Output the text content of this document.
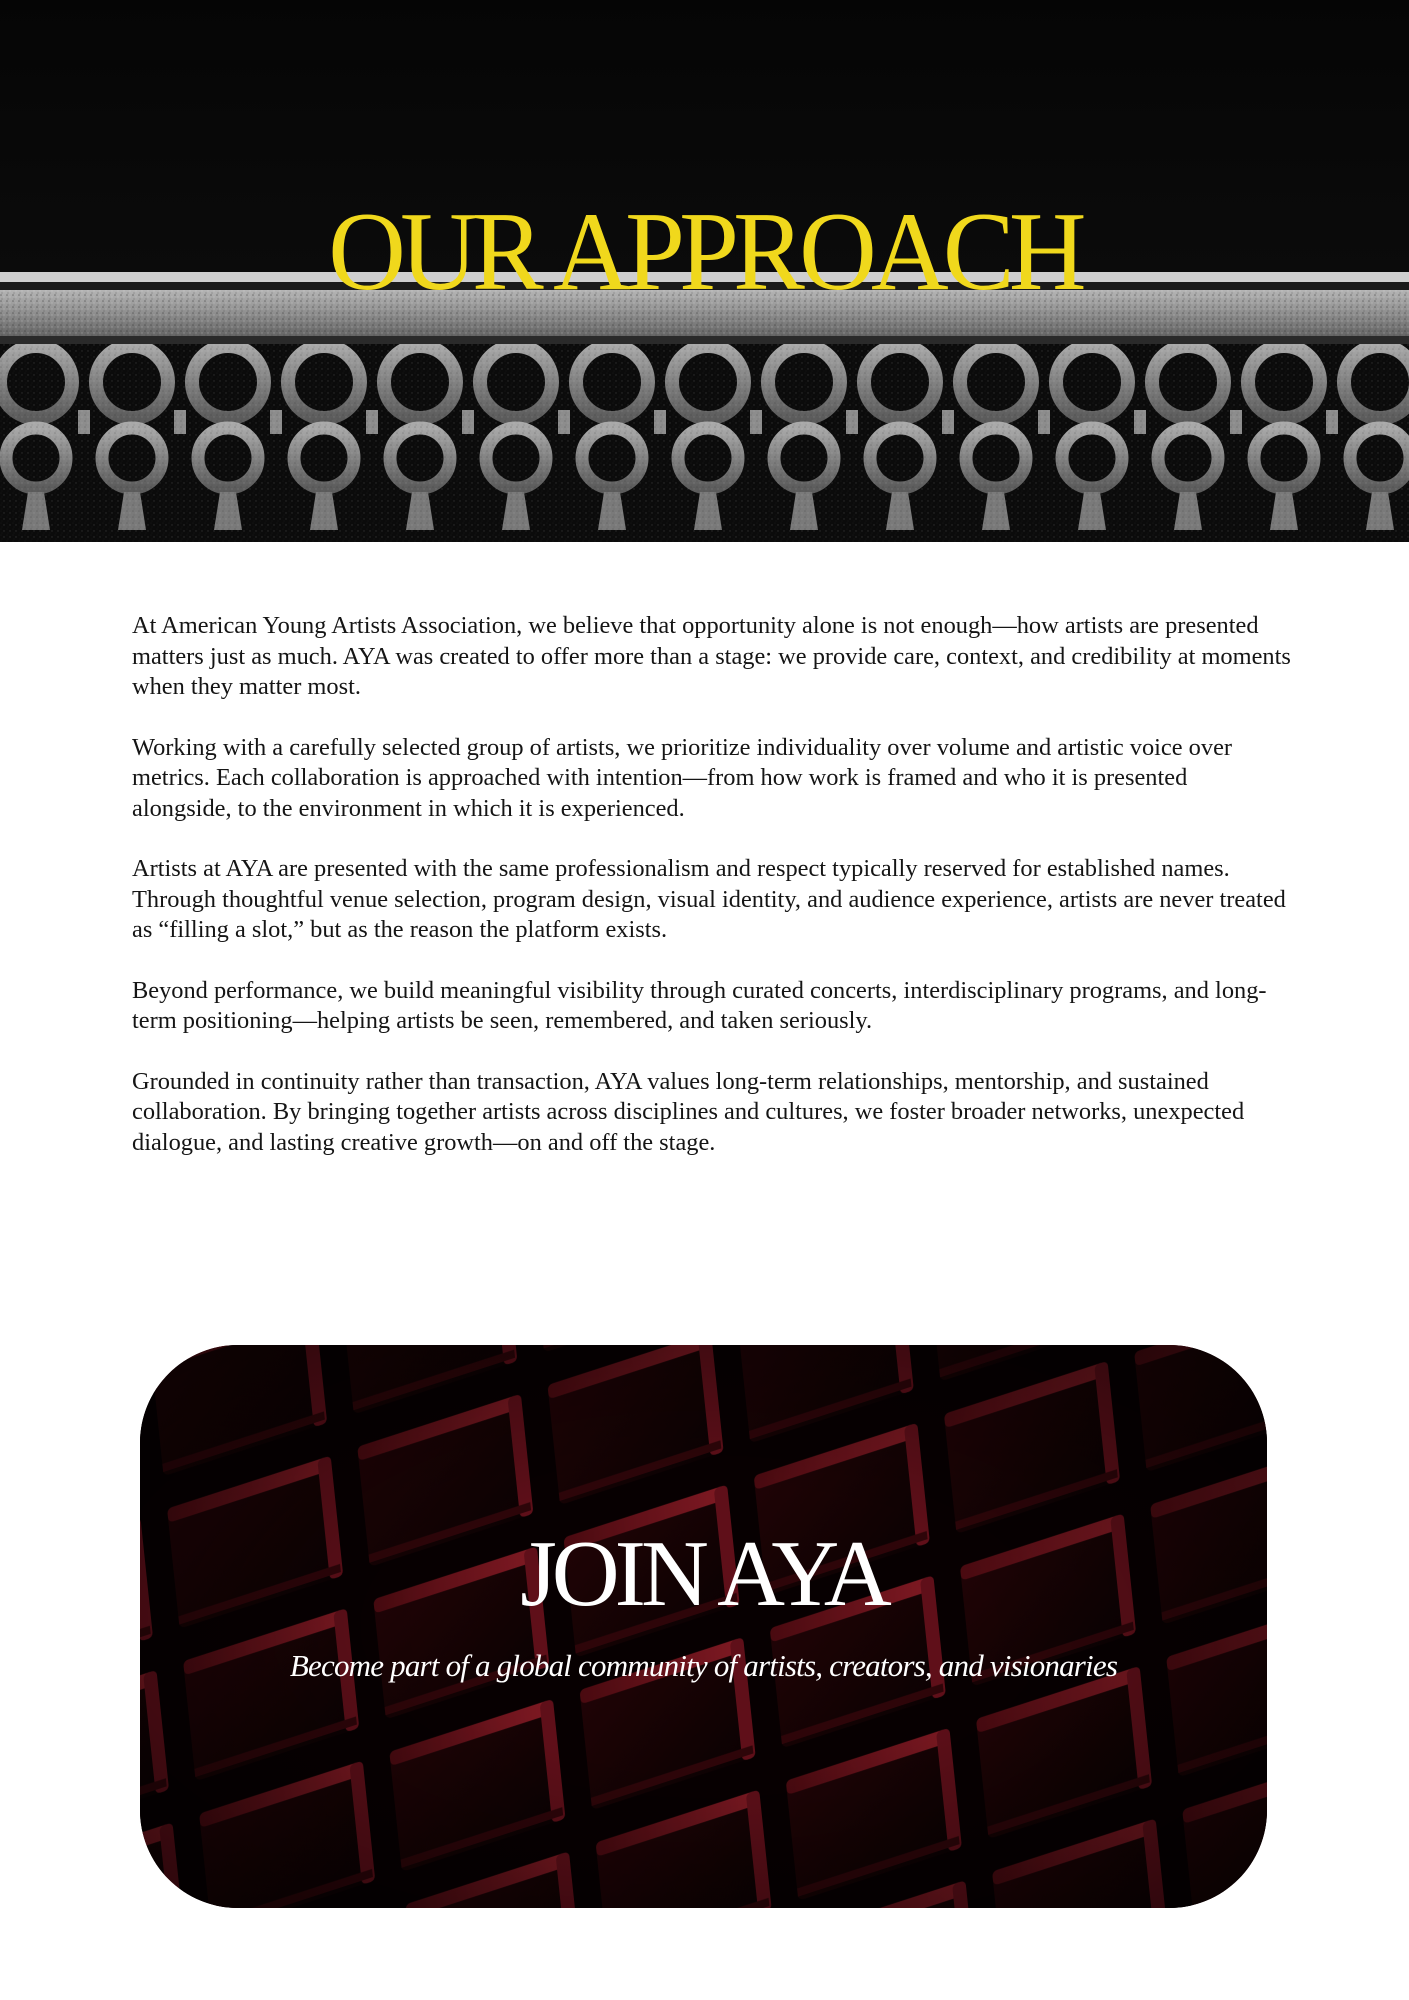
OUR APPROACH

At American Young Artists Association, we believe that opportunity alone is not enough—how artists are presented matters just as much. AYA was created to offer more than a stage: we provide care, context, and credibility at moments when they matter most.

Working with a carefully selected group of artists, we prioritize individuality over volume and artistic voice over metrics. Each collaboration is approached with intention—from how work is framed and who it is presented alongside, to the environment in which it is experienced.

Artists at AYA are presented with the same professionalism and respect typically reserved for established names. Through thoughtful venue selection, program design, visual identity, and audience experience, artists are never treated as “filling a slot,” but as the reason the platform exists.

Beyond performance, we build meaningful visibility through curated concerts, interdisciplinary programs, and long-term positioning—helping artists be seen, remembered, and taken seriously.

Grounded in continuity rather than transaction, AYA values long-term relationships, mentorship, and sustained collaboration. By bringing together artists across disciplines and cultures, we foster broader networks, unexpected dialogue, and lasting creative growth—on and off the stage.

JOIN AYA

Become part of a global community of artists, creators, and visionaries
